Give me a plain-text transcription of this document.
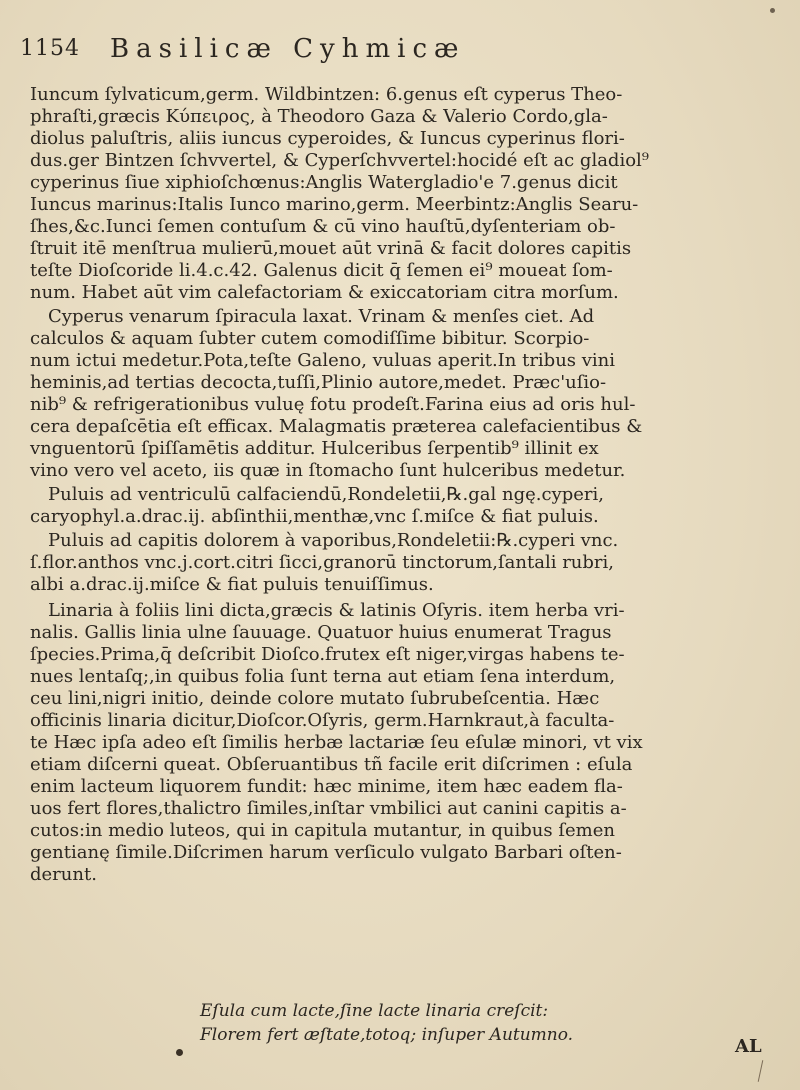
1154 Basilicæ Cyhmicæ
Iuncum ſylvaticum,germ. Wildbintzen: 6.genus eſt cyperus Theo-
phraſti,græcis Κύπειρος, à Theodoro Gaza & Valerio Cordo,gla-
diolus paluſtris, aliis iuncus cyperoides, & Iuncus cyperinus flori-
dus.ger Bintzen ſchvvertel, & Cyperſchvvertel:hocidé eſt ac gladiol⁹
cyperinus ſiue xiphioſchœnus:Anglis Watergladio'e 7.genus dicit
Iuncus marinus:Italis Iunco marino,germ. Meerbintz:Anglis Searu-
ſhes,&c.Iunci ſemen contuſum & cū vino hauſtū,dyſenteriam ob-
ſtruit itē menſtrua mulierū,mouet aūt vrinā & facit dolores capitis
teſte Dioſcoride li.4.c.42. Galenus dicit q̄ ſemen ei⁹ moueat ſom-
num. Habet aūt vim calefactoriam & exiccatoriam citra morſum.
Cyperus venarum ſpiracula laxat. Vrinam & menſes ciet. Ad
calculos & aquam ſubter cutem comodiſſime bibitur. Scorpio-
num ictui medetur.Pota,teſte Galeno, vuluas aperit.In tribus vini
heminis,ad tertias decocta,tuſſi,Plinio autore,medet. Præc'uſio-
nib⁹ & refrigerationibus vuluę fotu prodeſt.Farina eius ad oris hul-
cera depaſcētia eſt efficax. Malagmatis præterea calefacientibus &
vnguentorū ſpiſſamētis additur. Hulceribus ſerpentib⁹ illinit ex
vino vero vel aceto, iis quæ in ſtomacho ſunt hulceribus medetur.
Puluis ad ventriculū calfaciendū,Rondeletii,℞.gal ngę.cyperi,
caryophyl.a.drac.ij. abſinthii,menthæ,vnc ſ.miſce & fiat puluis.
Puluis ad capitis dolorem à vaporibus,Rondeletii:℞.cyperi vnc.
ſ.flor.anthos vnc.j.cort.citri ſicci,granorū tinctorum,ſantali rubri,
albi a.drac.ij.miſce & fiat puluis tenuiſſimus.
Linaria à foliis lini dicta,græcis & latinis Oſyris. item herba vri-
nalis. Gallis linia ulne ſauuage. Quatuor huius enumerat Tragus
ſpecies.Prima,q̄ deſcribit Dioſco.frutex eſt niger,virgas habens te-
nues lentaſq;,in quibus folia ſunt terna aut etiam ſena interdum,
ceu lini,nigri initio, deinde colore mutato ſubrubeſcentia. Hæc
officinis linaria dicitur,Dioſcor.Oſyris, germ.Harnkraut,à faculta-
te Hæc ipſa adeo eſt ſimilis herbæ lactariæ ſeu eſulæ minori, vt vix
etiam diſcerni queat. Obſeruantibus tñ facile erit diſcrimen : eſula
enim lacteum liquorem fundit: hæc minime, item hæc eadem fla-
uos fert flores,thalictro ſimiles,inſtar vmbilici aut canini capitis a-
cutos:in medio luteos, qui in capitula mutantur, in quibus ſemen
gentianę ſimile.Diſcrimen harum verſiculo vulgato Barbari oſten-
derunt.
Eſula cum lacte,ſine lacte linaria creſcit:
Florem fert æſtate,totoq; inſuper Autumno.
AL
